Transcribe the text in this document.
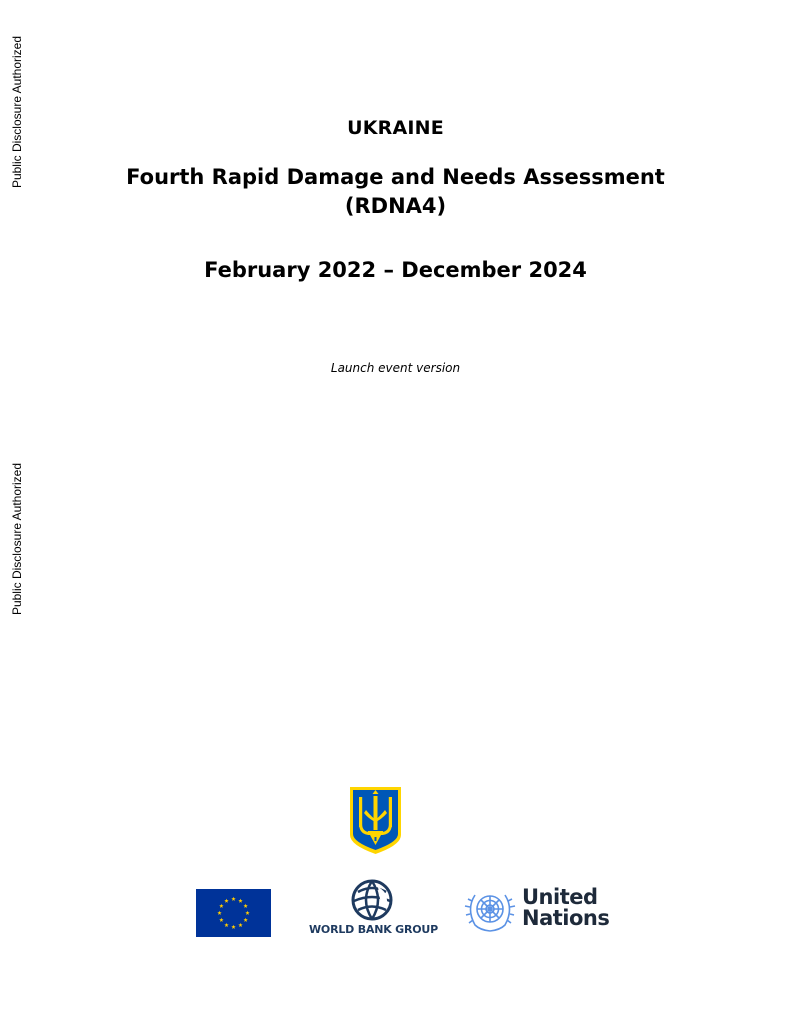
Public Disclosure Authorized
Public Disclosure Authorized
UKRAINE
Fourth Rapid Damage and Needs Assessment
(RDNA4)
February 2022 – December 2024
Launch event version
WORLD BANK GROUP
United
Nations
